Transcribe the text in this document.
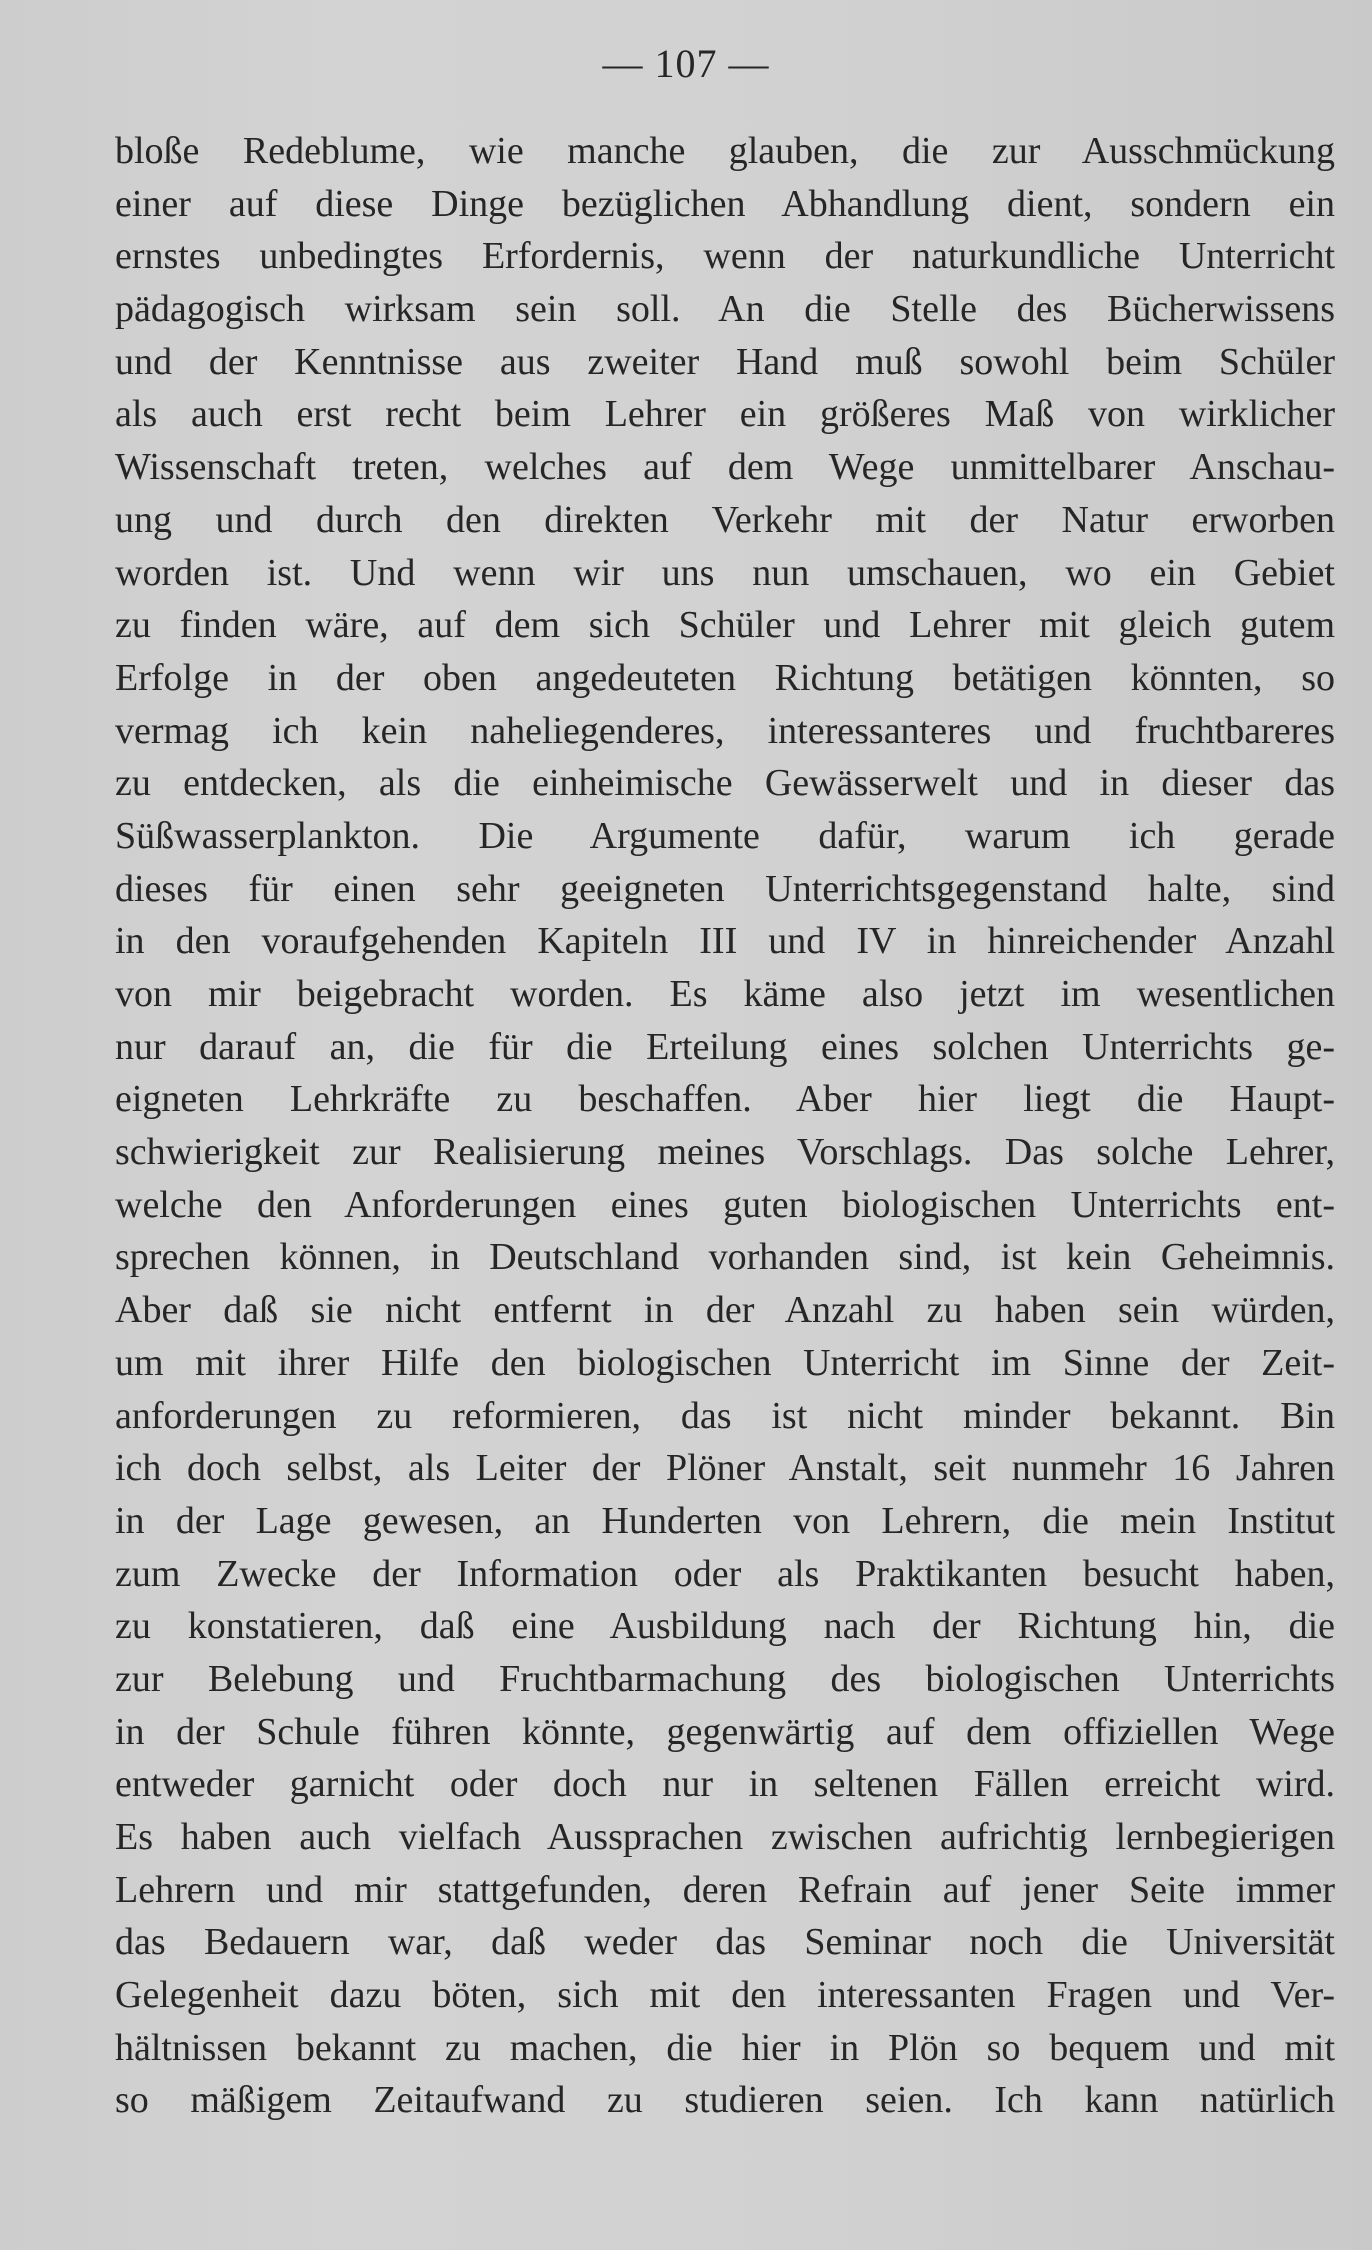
— 107 —
bloße Redeblume, wie manche glauben, die zur Ausschmückung
einer auf diese Dinge bezüglichen Abhandlung dient, sondern ein
ernstes unbedingtes Erfordernis, wenn der naturkundliche Unterricht
pädagogisch wirksam sein soll. An die Stelle des Bücherwissens
und der Kenntnisse aus zweiter Hand muß sowohl beim Schüler
als auch erst recht beim Lehrer ein größeres Maß von wirklicher
Wissenschaft treten, welches auf dem Wege unmittelbarer Anschau-
ung und durch den direkten Verkehr mit der Natur erworben
worden ist. Und wenn wir uns nun umschauen, wo ein Gebiet
zu finden wäre, auf dem sich Schüler und Lehrer mit gleich gutem
Erfolge in der oben angedeuteten Richtung betätigen könnten, so
vermag ich kein naheliegenderes, interessanteres und fruchtbareres
zu entdecken, als die einheimische Gewässerwelt und in dieser das
Süßwasserplankton. Die Argumente dafür, warum ich gerade
dieses für einen sehr geeigneten Unterrichtsgegenstand halte, sind
in den voraufgehenden Kapiteln III und IV in hinreichender Anzahl
von mir beigebracht worden. Es käme also jetzt im wesentlichen
nur darauf an, die für die Erteilung eines solchen Unterrichts ge-
eigneten Lehrkräfte zu beschaffen. Aber hier liegt die Haupt-
schwierigkeit zur Realisierung meines Vorschlags. Das solche Lehrer,
welche den Anforderungen eines guten biologischen Unterrichts ent-
sprechen können, in Deutschland vorhanden sind, ist kein Geheimnis.
Aber daß sie nicht entfernt in der Anzahl zu haben sein würden,
um mit ihrer Hilfe den biologischen Unterricht im Sinne der Zeit-
anforderungen zu reformieren, das ist nicht minder bekannt. Bin
ich doch selbst, als Leiter der Plöner Anstalt, seit nunmehr 16 Jahren
in der Lage gewesen, an Hunderten von Lehrern, die mein Institut
zum Zwecke der Information oder als Praktikanten besucht haben,
zu konstatieren, daß eine Ausbildung nach der Richtung hin, die
zur Belebung und Fruchtbarmachung des biologischen Unterrichts
in der Schule führen könnte, gegenwärtig auf dem offiziellen Wege
entweder garnicht oder doch nur in seltenen Fällen erreicht wird.
Es haben auch vielfach Aussprachen zwischen aufrichtig lernbegierigen
Lehrern und mir stattgefunden, deren Refrain auf jener Seite immer
das Bedauern war, daß weder das Seminar noch die Universität
Gelegenheit dazu böten, sich mit den interessanten Fragen und Ver-
hältnissen bekannt zu machen, die hier in Plön so bequem und mit
so mäßigem Zeitaufwand zu studieren seien. Ich kann natürlich
